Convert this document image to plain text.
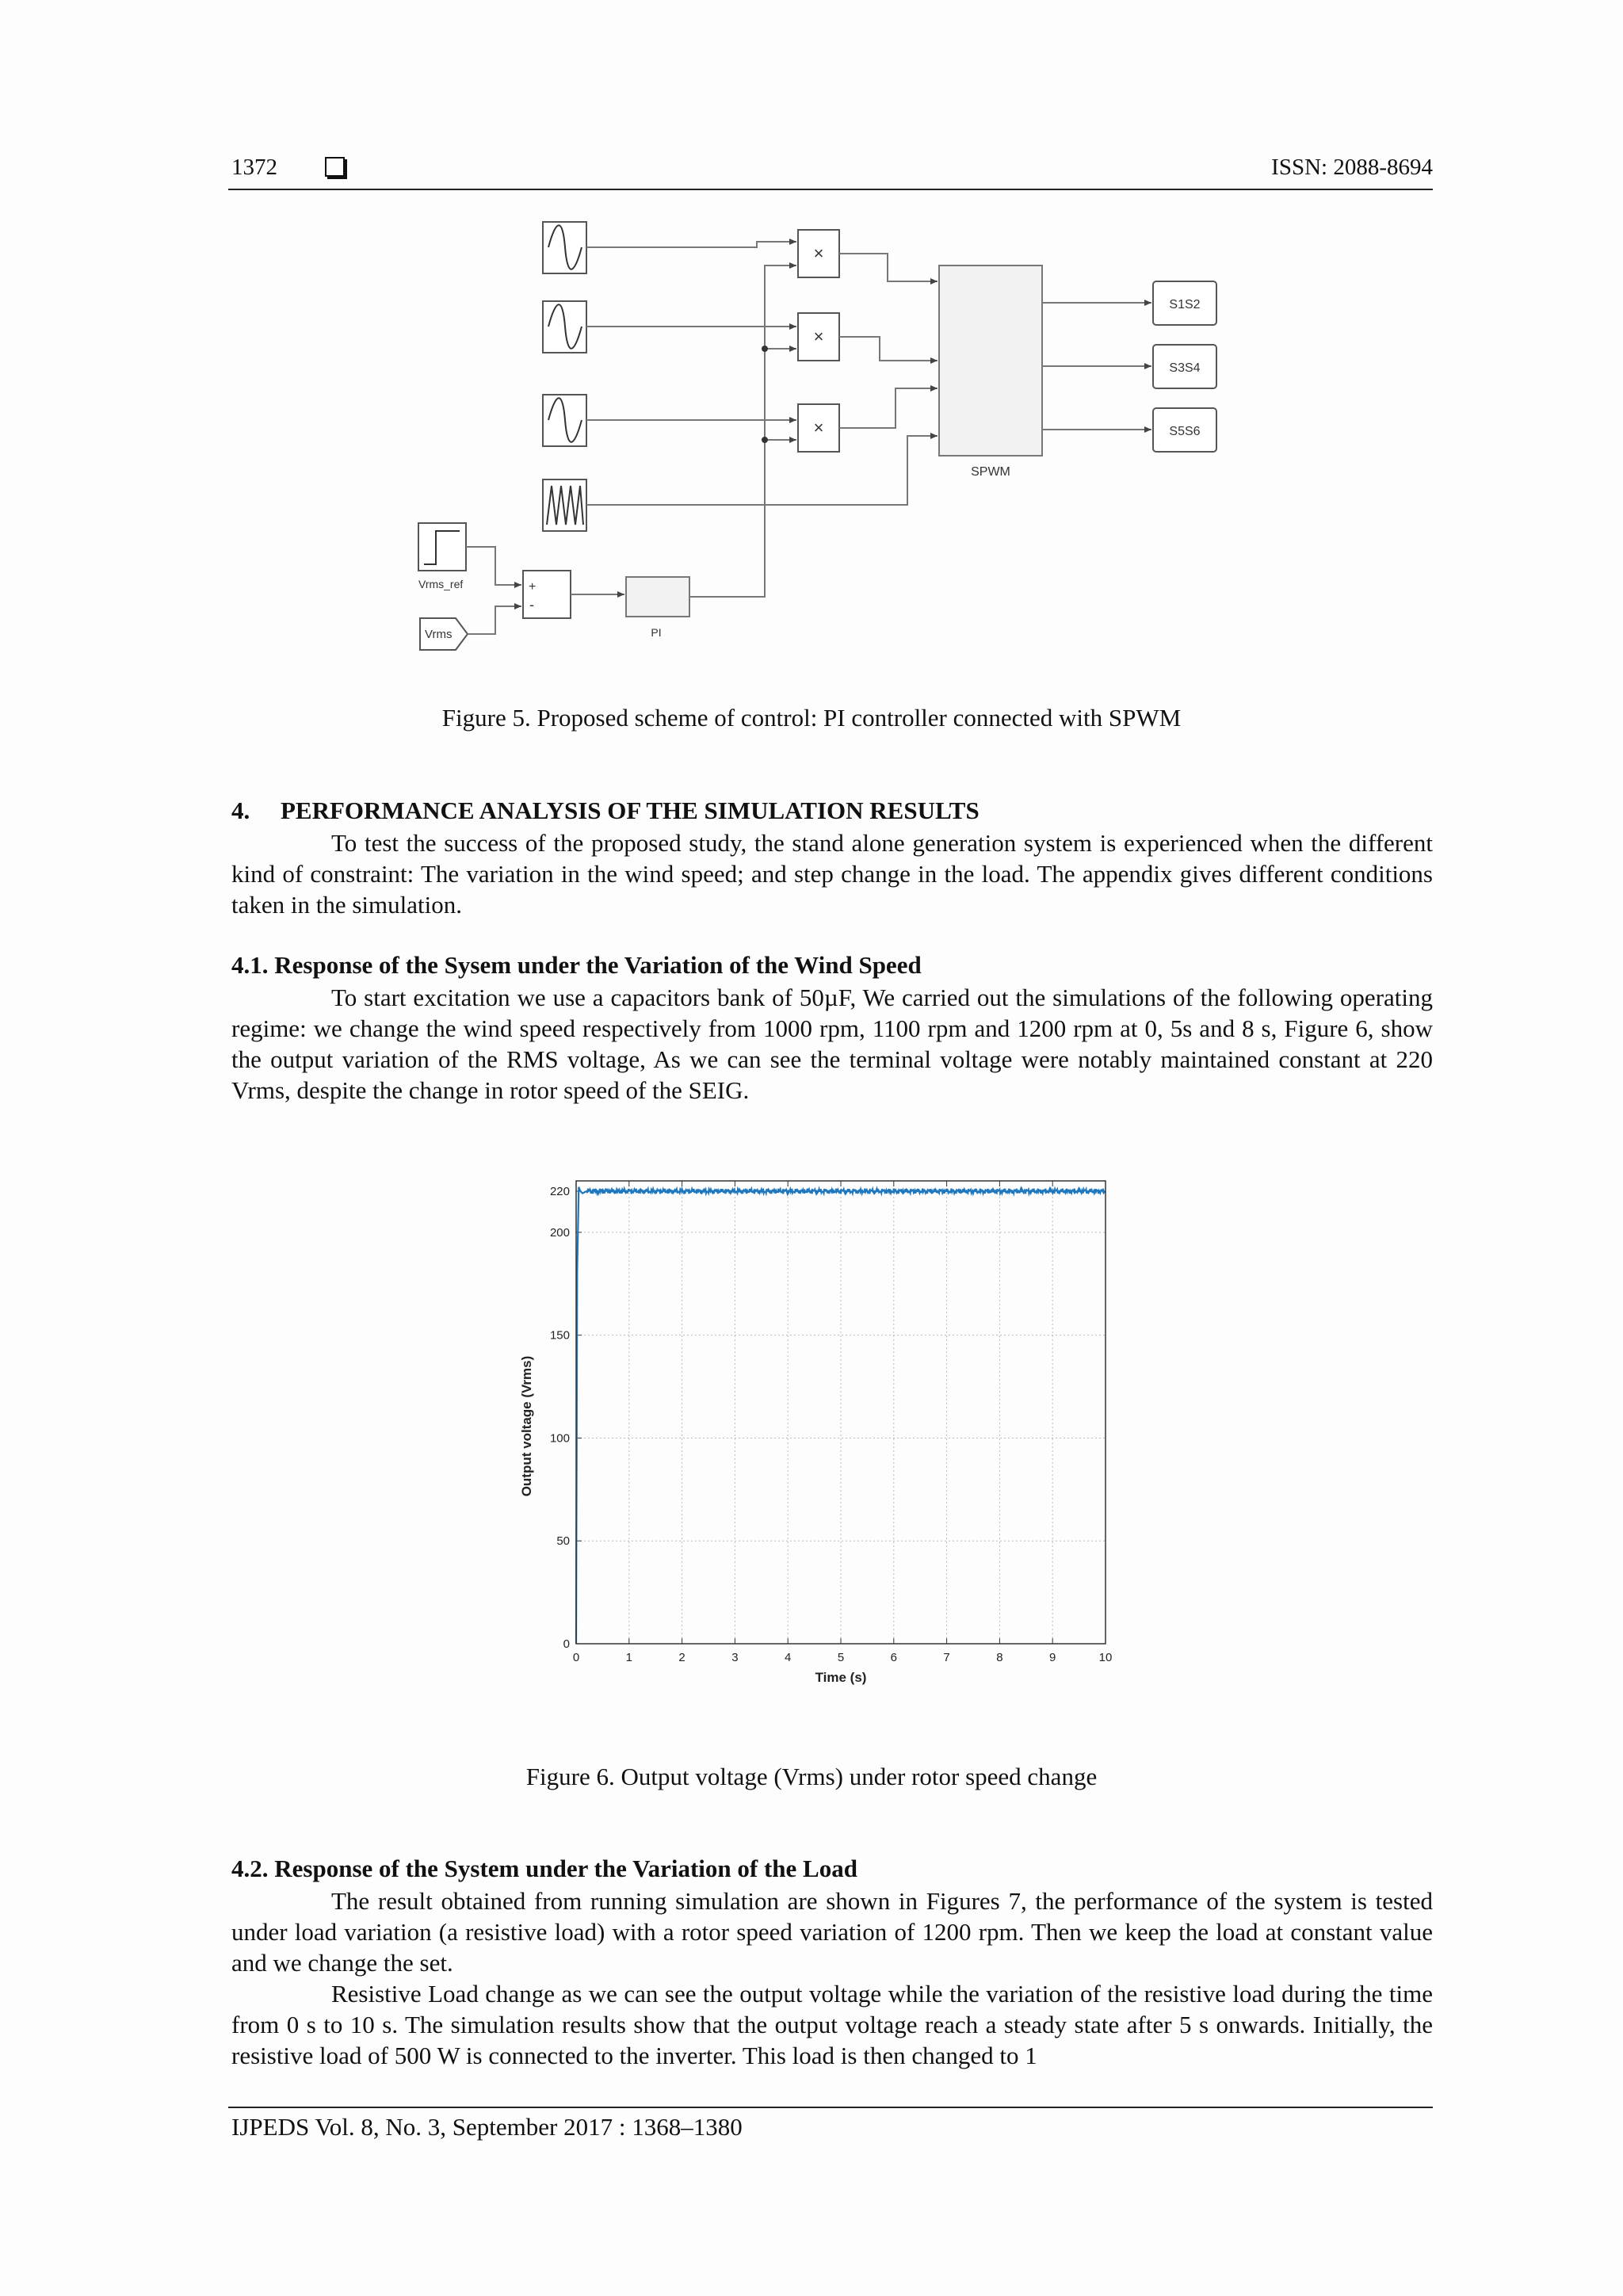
1372	ISSN: 2088-8694
×
×
×
SPWM
S1S2
S3S4
S5S6
Vrms_ref
Vrms
+
-
PI
Figure 5. Proposed scheme of control: PI controller connected with SPWM
4.     PERFORMANCE ANALYSIS OF THE SIMULATION RESULTS

To test the success of the proposed study, the stand alone generation system is experienced when the different kind of constraint: The variation in the wind speed; and step change in the load. The appendix gives different conditions taken in the simulation.

4.1. Response of the Sysem under the Variation of the Wind Speed

To start excitation we use a capacitors bank of 50µF, We carried out the simulations of the following operating regime: we change the wind speed respectively from 1000 rpm, 1100 rpm and 1200 rpm at 0, 5s and 8 s, Figure 6, show the output variation of the RMS voltage, As we can see the terminal voltage were notably maintained constant at 220 Vrms, despite the change in rotor speed of the SEIG.

0	1	2	3	4	5	6	7	8	9	10
0
50
100
150
200
220
Time (s)
Output voltage (Vrms)
Figure 6. Output voltage (Vrms) under rotor speed change
4.2. Response of the System under the Variation of the Load

The result obtained from running simulation are shown in Figures 7, the performance of the system is tested under load variation (a resistive load) with a rotor speed variation of 1200 rpm. Then we keep the load at constant value and we change the set.

Resistive Load change as we can see the output voltage while the variation of the resistive load during the time from 0 s to 10 s. The simulation results show that the output voltage reach a steady state after 5 s onwards. Initially, the resistive load of 500 W is connected to the inverter. This load is then changed to 1

IJPEDS Vol. 8, No. 3, September 2017 : 1368–1380
